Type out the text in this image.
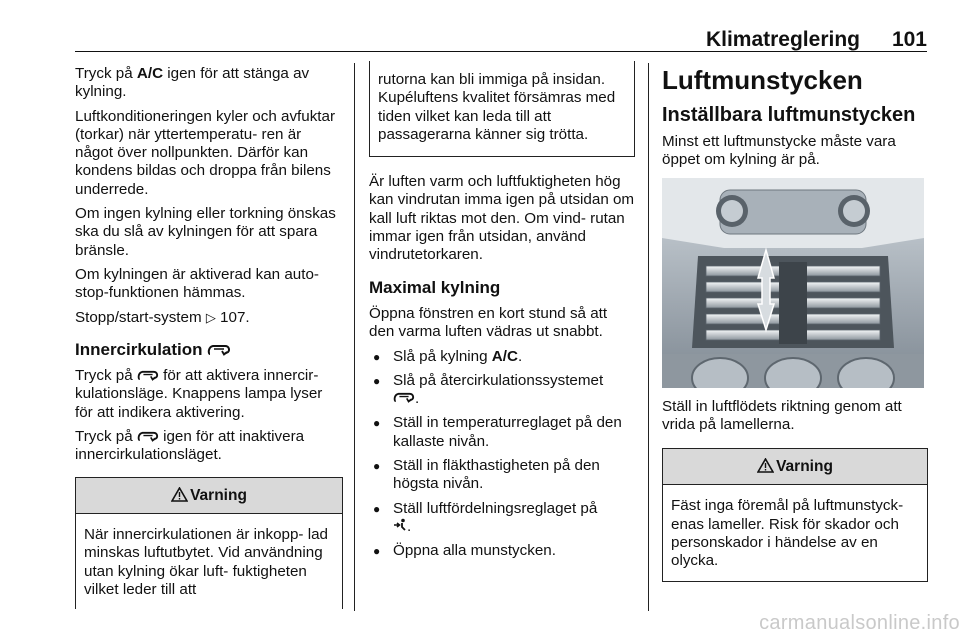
Klimatreglering	101

Tryck på A/C igen för att stänga av kylning.

Luftkonditioneringen kyler och avfuktar (torkar) när yttertemperatu- ren är något över nollpunkten. Därför kan kondens bildas och droppa från bilens underrede.

Om ingen kylning eller torkning önskas ska du slå av kylningen för att spara bränsle.

Om kylningen är aktiverad kan auto- stop-funktionen hämmas.

Stopp/start-system ▷ 107.

Innercirkulation

Tryck på  för att aktivera innercir- kulationsläge. Knappens lampa lyser för att indikera aktivering.

Tryck på  igen för att inaktivera innercirkulationsläget.

Varning
När innercirkulationen är inkopp- lad minskas luftutbytet. Vid användning utan kylning ökar luft- fuktigheten vilket leder till att
rutorna kan bli immiga på insidan. Kupéluftens kvalitet försämras med tiden vilket kan leda till att passagerarna känner sig trötta.

Är luften varm och luftfuktigheten hög kan vindrutan imma igen på utsidan om kall luft riktas mot den. Om vind- rutan immar igen från utsidan, använd vindrutetorkaren.

Maximal kylning

Öppna fönstren en kort stund så att den varma luften vädras ut snabbt.

● Slå på kylning A/C.
● Slå på återcirkulationssystemet
.
● Ställ in temperaturreglaget på den kallaste nivån.
● Ställ in fläkthastigheten på den högsta nivån.
● Ställ luftfördelningsreglaget på
.
● Öppna alla munstycken.
Luftmunstycken
Inställbara luftmunstycken

Minst ett luftmunstycke måste vara öppet om kylning är på.

Ställ in luftflödets riktning genom att vrida på lamellerna.

Varning
Fäst inga föremål på luftmunstyck- enas lameller. Risk för skador och personskador i händelse av en olycka.
carmanualsonline.info
